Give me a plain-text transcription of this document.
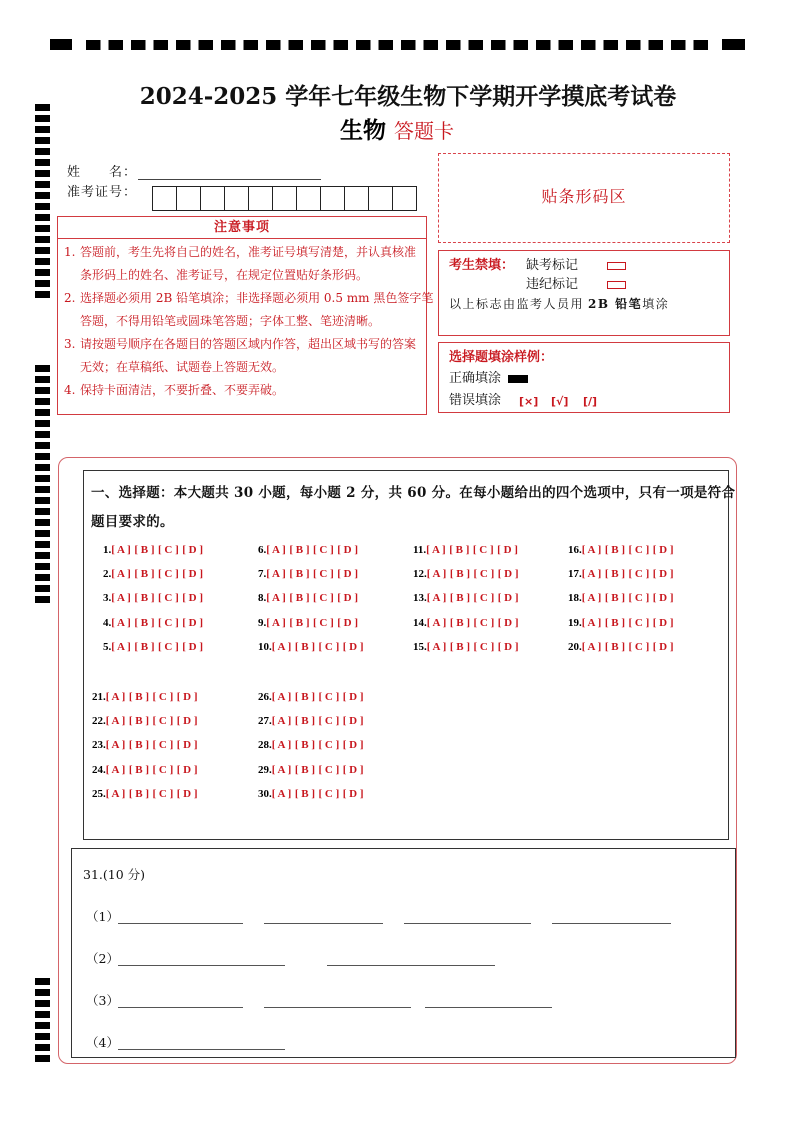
2024-2025 学年七年级生物下学期开学摸底考试卷
生物 答题卡
姓　　名：
准考证号：	贴条形码区
注意事项
1. 答题前，考生先将自己的姓名，准考证号填写清楚，并认真核准
条形码上的姓名、准考证号，在规定位置贴好条形码。
2. 选择题必须用 2B 铅笔填涂；非选择题必须用 0.5 mm 黑色签字笔
答题，不得用铅笔或圆珠笔答题；字体工整、笔迹清晰。
3. 请按题号顺序在各题目的答题区域内作答，超出区域书写的答案
无效；在草稿纸、试题卷上答题无效。
4. 保持卡面清洁，不要折叠、不要弄破。
考生禁填： 缺考标记
违纪标记
以上标志由监考人员用 2B 铅笔填涂
选择题填涂样例：
正确填涂
错误填涂 [×] [√] [/]
一、选择题：本大题共 30 小题，每小题 2 分，共 60 分。在每小题给出的四个选项中，只有一项是符合
题目要求的。
31.(10 分)
（1）
（2）
（3）
（4）
1.[ A ] [ B ] [ C ] [ D ]
2.[ A ] [ B ] [ C ] [ D ]
3.[ A ] [ B ] [ C ] [ D ]
4.[ A ] [ B ] [ C ] [ D ]
5.[ A ] [ B ] [ C ] [ D ]
6.[ A ] [ B ] [ C ] [ D ]
7.[ A ] [ B ] [ C ] [ D ]
8.[ A ] [ B ] [ C ] [ D ]
9.[ A ] [ B ] [ C ] [ D ]
10.[ A ] [ B ] [ C ] [ D ]
11.[ A ] [ B ] [ C ] [ D ]
12.[ A ] [ B ] [ C ] [ D ]
13.[ A ] [ B ] [ C ] [ D ]
14.[ A ] [ B ] [ C ] [ D ]
15.[ A ] [ B ] [ C ] [ D ]
16.[ A ] [ B ] [ C ] [ D ]
17.[ A ] [ B ] [ C ] [ D ]
18.[ A ] [ B ] [ C ] [ D ]
19.[ A ] [ B ] [ C ] [ D ]
20.[ A ] [ B ] [ C ] [ D ]
21.[ A ] [ B ] [ C ] [ D ]
22.[ A ] [ B ] [ C ] [ D ]
23.[ A ] [ B ] [ C ] [ D ]
24.[ A ] [ B ] [ C ] [ D ]
25.[ A ] [ B ] [ C ] [ D ]
26.[ A ] [ B ] [ C ] [ D ]
27.[ A ] [ B ] [ C ] [ D ]
28.[ A ] [ B ] [ C ] [ D ]
29.[ A ] [ B ] [ C ] [ D ]
30.[ A ] [ B ] [ C ] [ D ]
